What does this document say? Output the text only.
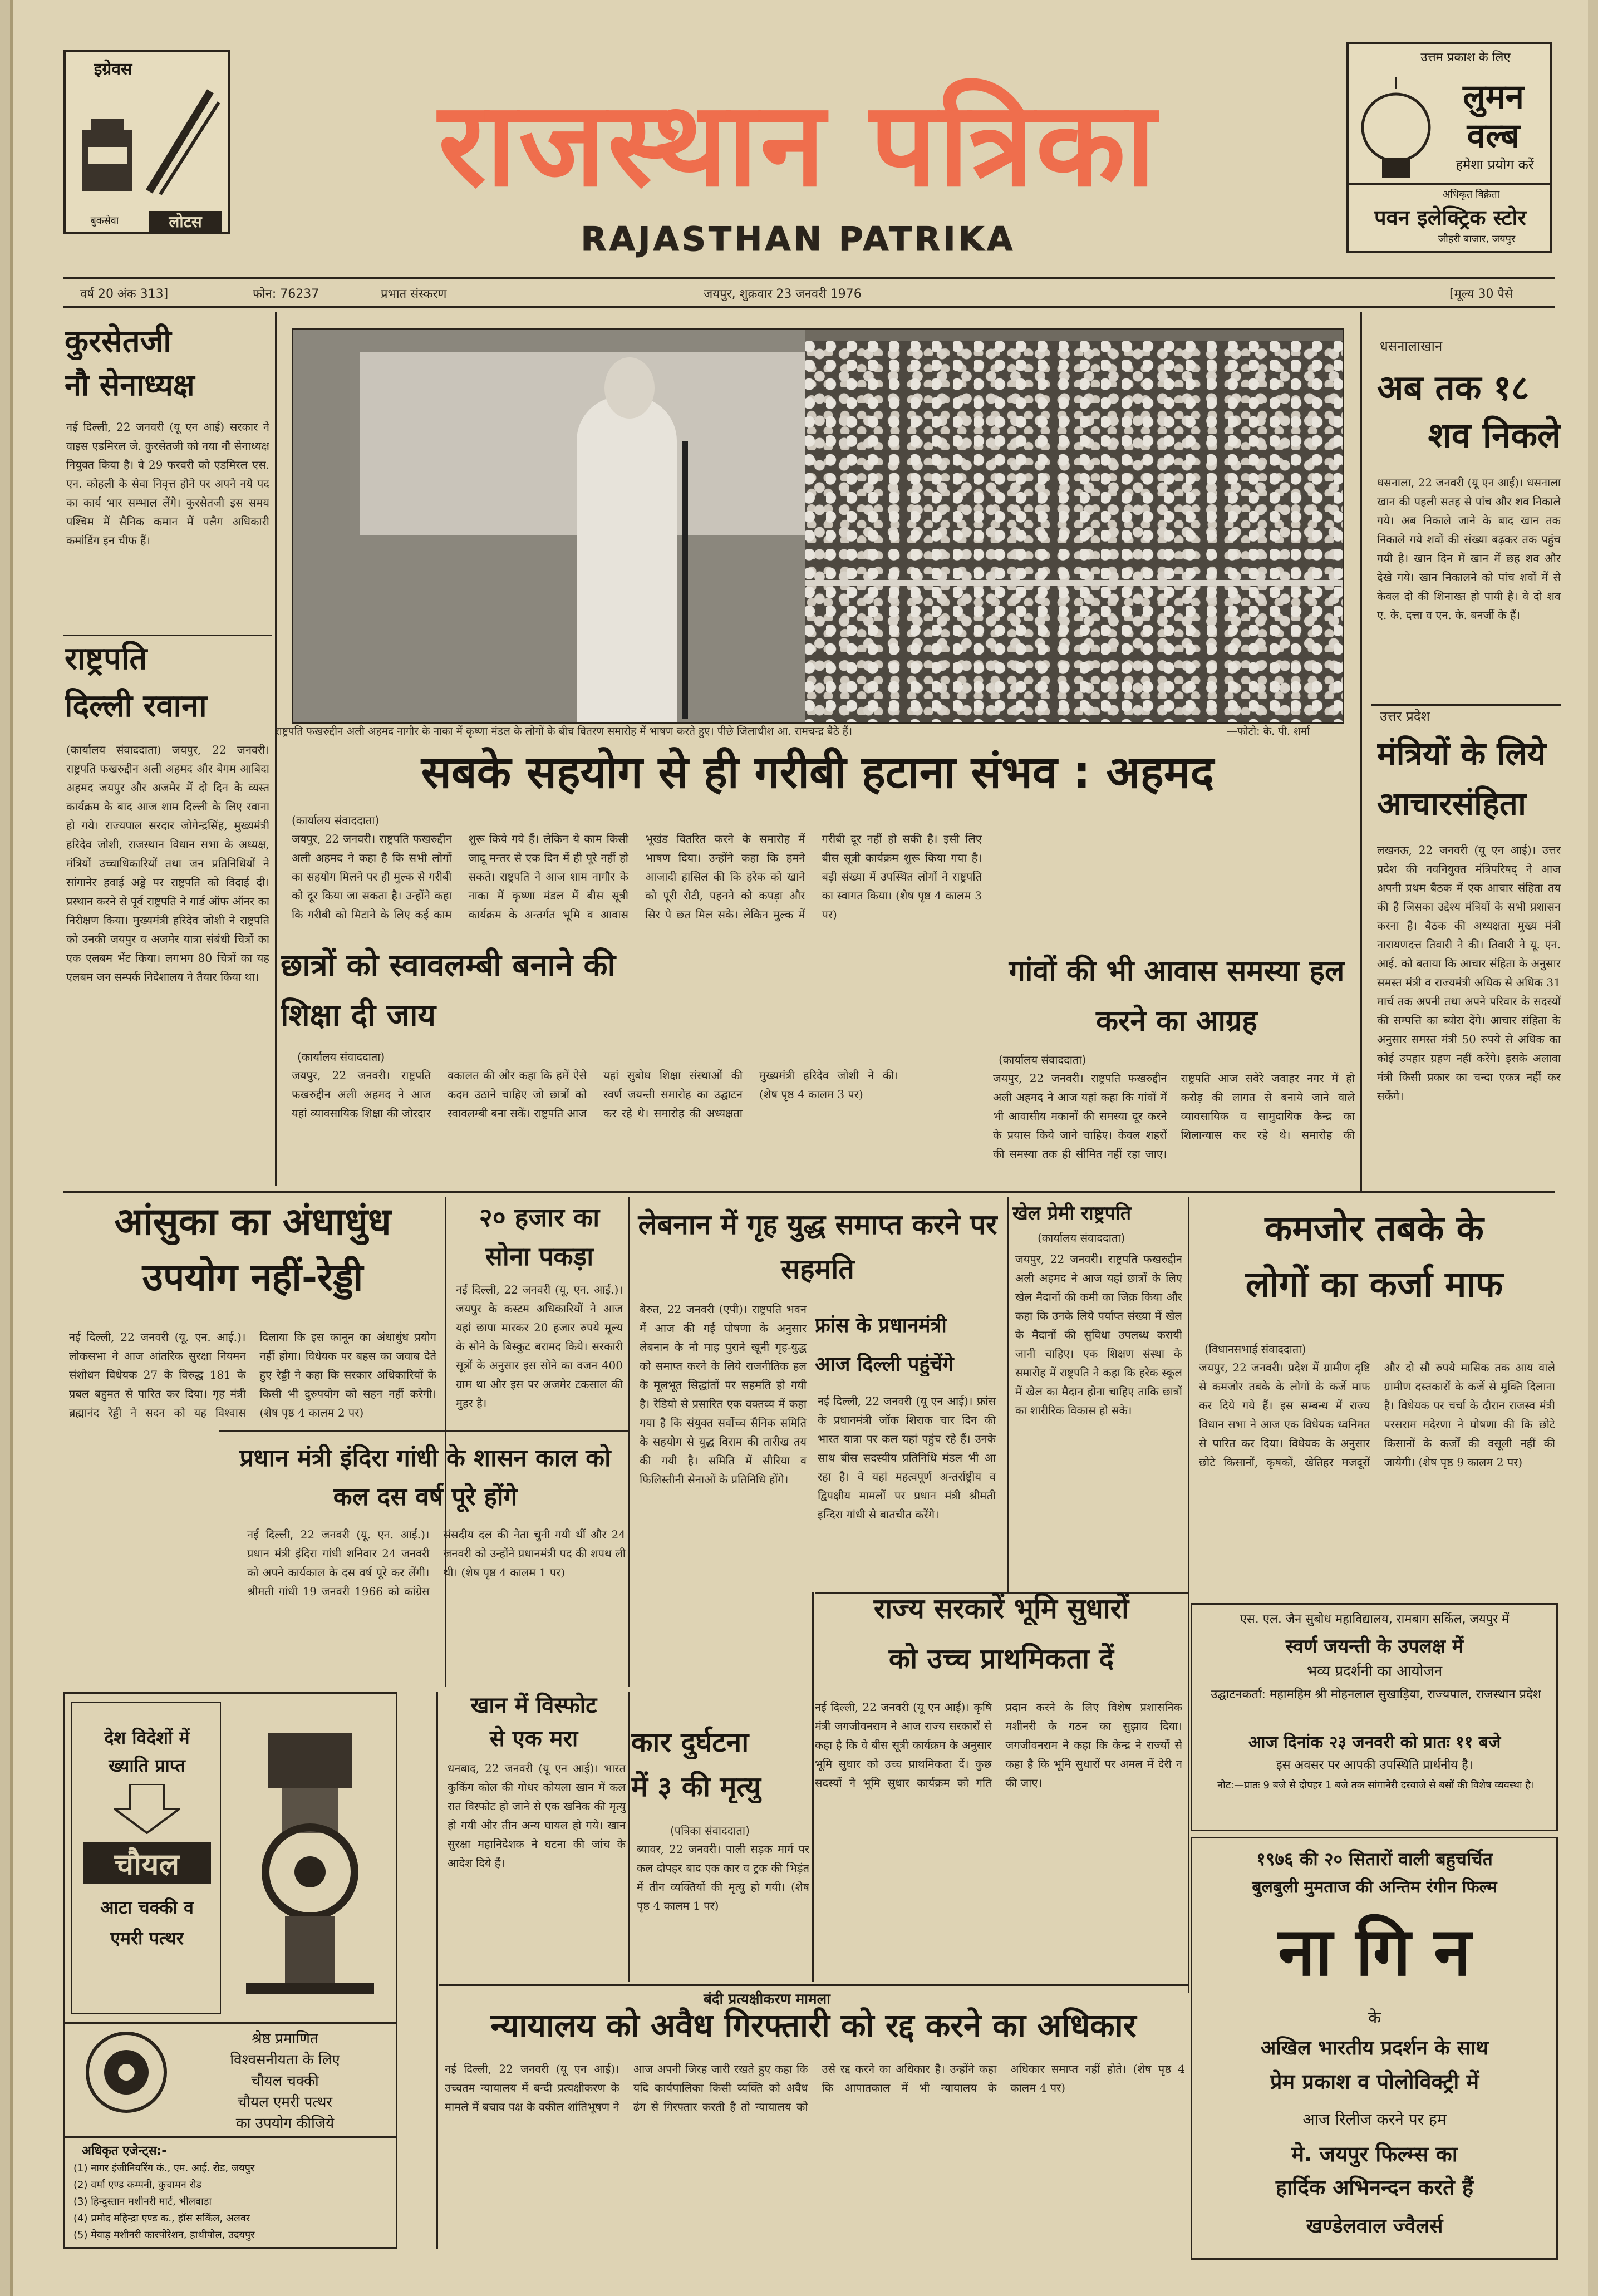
इग्रेवस
बुकसेवा	लोटस
राजस्थान पत्रिका
RAJASTHAN PATRIKA
उत्तम प्रकाश के लिए
लुमन वल्ब
हमेशा प्रयोग करें
अधिकृत विक्रेता
पवन इलेक्ट्रिक स्टोर
जौहरी बाजार, जयपुर
वर्ष 20 अंक 313]	फोन: 76237	प्रभात संस्करण	जयपुर, शुक्रवार 23 जनवरी 1976	[मूल्य 30 पैसे
कुरसेतजी
नौ सेनाध्यक्ष
नई दिल्ली, 22 जनवरी (यू एन आई) सरकार ने वाइस एडमिरल जे. कुरसेतजी को नया नौ सेनाध्यक्ष नियुक्त किया है। वे 29 फरवरी को एडमिरल एस. एन. कोहली के सेवा निवृत्त होने पर अपने नये पद का कार्य भार सम्भाल लेंगे। कुरसेतजी इस समय पश्चिम में सैनिक कमान में पलैग अधिकारी कमांडिंग इन चीफ हैं।
राष्ट्रपति
दिल्ली रवाना
(कार्यालय संवाददाता) जयपुर, 22 जनवरी। राष्ट्रपति फखरुद्दीन अली अहमद और बेगम आबिदा अहमद जयपुर और अजमेर में दो दिन के व्यस्त कार्यक्रम के बाद आज शाम दिल्ली के लिए रवाना हो गये। राज्यपाल सरदार जोगेन्द्रसिंह, मुख्यमंत्री हरिदेव जोशी, राजस्थान विधान सभा के अध्यक्ष, मंत्रियों उच्चाधिकारियों तथा जन प्रतिनिधियों ने सांगानेर हवाई अड्डे पर राष्ट्रपति को विदाई दी। प्रस्थान करने से पूर्व राष्ट्रपति ने गार्ड ऑफ ऑनर का निरीक्षण किया। मुख्यमंत्री हरिदेव जोशी ने राष्ट्रपति को उनकी जयपुर व अजमेर यात्रा संबंधी चित्रों का एक एलबम भेंट किया। लगभग 80 चित्रों का यह एलबम जन सम्पर्क निदेशालय ने तैयार किया था।
धसनालाखान
अब तक १८
शव निकले
धसनाला, 22 जनवरी (यू एन आई)। धसनाला खान की पहली सतह से पांच और शव निकाले गये। अब निकाले जाने के बाद खान तक निकाले गये शवों की संख्या बढ़कर तक पहुंच गयी है। खान दिन में खान में छह शव और देखे गये। खान निकालने को पांच शवों में से केवल दो की शिनाख्त हो पायी है। वे दो शव ए. के. दत्ता व एन. के. बनर्जी के हैं।
उत्तर प्रदेश
मंत्रियों के लिये
आचारसंहिता
लखनऊ, 22 जनवरी (यू एन आई)। उत्तर प्रदेश की नवनियुक्त मंत्रिपरिषद् ने आज अपनी प्रथम बैठक में एक आचार संहिता तय की है जिसका उद्देश्य मंत्रियों के सभी प्रशासन करना है। बैठक की अध्यक्षता मुख्य मंत्री नारायणदत्त तिवारी ने की। तिवारी ने यू. एन. आई. को बताया कि आचार संहिता के अनुसार समस्त मंत्री व राज्यमंत्री अधिक से अधिक 31 मार्च तक अपनी तथा अपने परिवार के सदस्यों की सम्पत्ति का ब्योरा देंगे। आचार संहिता के अनुसार समस्त मंत्री 50 रुपये से अधिक का कोई उपहार ग्रहण नहीं करेंगे। इसके अलावा मंत्री किसी प्रकार का चन्दा एकत्र नहीं कर सकेंगे।
राष्ट्रपति फखरुद्दीन अली अहमद नागौर के नाका में कृष्णा मंडल के लोगों के बीच वितरण समारोह में भाषण करते हुए। पीछे जिलाधीश आ. रामचन्द्र बैठे हैं।	—फोटो: के. पी. शर्मा
सबके सहयोग से ही गरीबी हटाना संभव : अहमद
(कार्यालय संवाददाता)
जयपुर, 22 जनवरी। राष्ट्रपति फखरुद्दीन अली अहमद ने कहा है कि सभी लोगों का सहयोग मिलने पर ही मुल्क से गरीबी को दूर किया जा सकता है। उन्होंने कहा कि गरीबी को मिटाने के लिए कई काम शुरू किये गये हैं। लेकिन ये काम किसी जादू मन्तर से एक दिन में ही पूरे नहीं हो सकते। राष्ट्रपति ने आज शाम नागौर के नाका में कृष्णा मंडल में बीस सूत्री कार्यक्रम के अन्तर्गत भूमि व आवास भूखंड वितरित करने के समारोह में भाषण दिया। उन्होंने कहा कि हमने आजादी हासिल की कि हरेक को खाने को पूरी रोटी, पहनने को कपड़ा और सिर पे छत मिल सके। लेकिन मुल्क में गरीबी दूर नहीं हो सकी है। इसी लिए बीस सूत्री कार्यक्रम शुरू किया गया है। बड़ी संख्या में उपस्थित लोगों ने राष्ट्रपति का स्वागत किया। (शेष पृष्ठ 4 कालम 3 पर)
छात्रों को स्वावलम्बी बनाने की शिक्षा दी जाय
(कार्यालय संवाददाता)
जयपुर, 22 जनवरी। राष्ट्रपति फखरुद्दीन अली अहमद ने आज यहां व्यावसायिक शिक्षा की जोरदार वकालत की और कहा कि हमें ऐसे कदम उठाने चाहिए जो छात्रों को स्वावलम्बी बना सकें। राष्ट्रपति आज यहां सुबोध शिक्षा संस्थाओं की स्वर्ण जयन्ती समारोह का उद्घाटन कर रहे थे। समारोह की अध्यक्षता मुख्यमंत्री हरिदेव जोशी ने की। (शेष पृष्ठ 4 कालम 3 पर)
गांवों की भी आवास समस्या हल करने का आग्रह
(कार्यालय संवाददाता)
जयपुर, 22 जनवरी। राष्ट्रपति फखरुद्दीन अली अहमद ने आज यहां कहा कि गांवों में भी आवासीय मकानों की समस्या दूर करने के प्रयास किये जाने चाहिए। केवल शहरों की समस्या तक ही सीमित नहीं रहा जाए। राष्ट्रपति आज सवेरे जवाहर नगर में हो करोड़ की लागत से बनाये जाने वाले व्यावसायिक व सामुदायिक केन्द्र का शिलान्यास कर रहे थे। समारोह की
आंसुका का अंधाधुंध
उपयोग नहीं-रेड्डी
नई दिल्ली, 22 जनवरी (यू. एन. आई.)। लोकसभा ने आज आंतरिक सुरक्षा नियमन संशोधन विधेयक 27 के विरुद्ध 181 के प्रबल बहुमत से पारित कर दिया। गृह मंत्री ब्रह्मानंद रेड्डी ने सदन को यह विश्वास दिलाया कि इस कानून का अंधाधुंध प्रयोग नहीं होगा। विधेयक पर बहस का जवाब देते हुए रेड्डी ने कहा कि सरकार अधिकारियों के किसी भी दुरुपयोग को सहन नहीं करेगी। (शेष पृष्ठ 4 कालम 2 पर)
२० हजार का
सोना पकड़ा
नई दिल्ली, 22 जनवरी (यू. एन. आई.)। जयपुर के कस्टम अधिकारियों ने आज यहां छापा मारकर 20 हजार रुपये मूल्य के सोने के बिस्कुट बरामद किये। सरकारी सूत्रों के अनुसार इस सोने का वजन 400 ग्राम था और इस पर अजमेर टकसाल की मुहर है।
प्रधान मंत्री इंदिरा गांधी के शासन काल को कल दस वर्ष पूरे होंगे
नई दिल्ली, 22 जनवरी (यू. एन. आई.)। प्रधान मंत्री इंदिरा गांधी शनिवार 24 जनवरी को अपने कार्यकाल के दस वर्ष पूरे कर लेंगी। श्रीमती गांधी 19 जनवरी 1966 को कांग्रेस संसदीय दल की नेता चुनी गयी थीं और 24 जनवरी को उन्होंने प्रधानमंत्री पद की शपथ ली थी। (शेष पृष्ठ 4 कालम 1 पर)
लेबनान में गृह युद्ध समाप्त करने पर सहमति
बेरुत, 22 जनवरी (एपी)। राष्ट्रपति भवन में आज की गई घोषणा के अनुसार लेबनान के नौ माह पुराने खूनी गृह-युद्ध को समाप्त करने के लिये राजनीतिक हल के मूलभूत सिद्धांतों पर सहमति हो गयी है। रेडियो से प्रसारित एक वक्तव्य में कहा गया है कि संयुक्त सर्वोच्च सैनिक समिति के सहयोग से युद्ध विराम की तारीख तय की गयी है। समिति में सीरिया व फिलिस्तीनी सेनाओं के प्रतिनिधि होंगे।
फ्रांस के प्रधानमंत्री
आज दिल्ली पहुंचेंगे
नई दिल्ली, 22 जनवरी (यू एन आई)। फ्रांस के प्रधानमंत्री जॉक शिराक चार दिन की भारत यात्रा पर कल यहां पहुंच रहे हैं। उनके साथ बीस सदस्यीय प्रतिनिधि मंडल भी आ रहा है। वे यहां महत्वपूर्ण अन्तर्राष्ट्रीय व द्विपक्षीय मामलों पर प्रधान मंत्री श्रीमती इन्दिरा गांधी से बातचीत करेंगे।
खेल प्रेमी राष्ट्रपति
(कार्यालय संवाददाता)
जयपुर, 22 जनवरी। राष्ट्रपति फखरुद्दीन अली अहमद ने आज यहां छात्रों के लिए खेल मैदानों की कमी का जिक्र किया और कहा कि उनके लिये पर्याप्त संख्या में खेल के मैदानों की सुविधा उपलब्ध करायी जानी चाहिए। एक शिक्षण संस्था के समारोह में राष्ट्रपति ने कहा कि हरेक स्कूल में खेल का मैदान होना चाहिए ताकि छात्रों का शारीरिक विकास हो सके।
कमजोर तबके के
लोगों का कर्जा माफ
(विधानसभाई संवाददाता)
जयपुर, 22 जनवरी। प्रदेश में ग्रामीण दृष्टि से कमजोर तबके के लोगों के कर्जे माफ कर दिये गये हैं। इस सम्बन्ध में राज्य विधान सभा ने आज एक विधेयक ध्वनिमत से पारित कर दिया। विधेयक के अनुसार छोटे किसानों, कृषकों, खेतिहर मजदूरों और दो सौ रुपये मासिक तक आय वाले ग्रामीण दस्तकारों के कर्जे से मुक्ति दिलाना है। विधेयक पर चर्चा के दौरान राजस्व मंत्री परसराम मदेरणा ने घोषणा की कि छोटे किसानों के कर्जों की वसूली नहीं की जायेगी। (शेष पृष्ठ 9 कालम 2 पर)
राज्य सरकारें भूमि सुधारों
को उच्च प्राथमिकता दें
नई दिल्ली, 22 जनवरी (यू एन आई)। कृषि मंत्री जगजीवनराम ने आज राज्य सरकारों से कहा है कि वे बीस सूत्री कार्यक्रम के अनुसार भूमि सुधार को उच्च प्राथमिकता दें। कुछ सदस्यों ने भूमि सुधार कार्यक्रम को गति प्रदान करने के लिए विशेष प्रशासनिक मशीनरी के गठन का सुझाव दिया। जगजीवनराम ने कहा कि केन्द्र ने राज्यों से कहा है कि भूमि सुधारों पर अमल में देरी न की जाए।
एस. एल. जैन सुबोध महाविद्यालय, रामबाग सर्किल, जयपुर में
स्वर्ण जयन्ती के उपलक्ष में
भव्य प्रदर्शनी का आयोजन
उद्घाटनकर्ता: महामहिम श्री मोहनलाल सुखाड़िया, राज्यपाल, राजस्थान प्रदेश
आज दिनांक २३ जनवरी को प्रातः ११ बजे
इस अवसर पर आपकी उपस्थिति प्रार्थनीय है।
नोट:—प्रातः 9 बजे से दोपहर 1 बजे तक सांगानेरी दरवाजे से बसों की विशेष व्यवस्था है।
१९७६ की २० सितारों वाली बहुचर्चित
बुलबुली मुमताज की अन्तिम रंगीन फिल्म
ना गि न
के
अखिल भारतीय प्रदर्शन के साथ
प्रेम प्रकाश व पोलोविक्ट्री में
आज रिलीज करने पर हम
मे. जयपुर फिल्म्स का
हार्दिक अभिनन्दन करते हैं
खण्डेलवाल ज्वैलर्स
देश विदेशों में
ख्याति प्राप्त
चौयल
आटा चक्की व
एमरी पत्थर
श्रेष्ठ प्रमाणित
विश्वसनीयता के लिए
चौयल चक्की
चौयल एमरी पत्थर
का उपयोग कीजिये
अधिकृत एजेन्ट्स:-
(1) नागर इंजीनियरिंग कं., एम. आई. रोड, जयपुर
(2) वर्मा एण्ड कम्पनी, कुचामन रोड
(3) हिन्दुस्तान मशीनरी मार्ट, भीलवाड़ा
(4) प्रमोद महिन्द्रा एण्ड क., हॉस सर्किल, अलवर
(5) मेवाड़ मशीनरी कारपोरेशन, हाथीपोल, उदयपुर
खान में विस्फोट
से एक मरा
धनबाद, 22 जनवरी (यू एन आई)। भारत कुकिंग कोल की गोधर कोयला खान में कल रात विस्फोट हो जाने से एक खनिक की मृत्यु हो गयी और तीन अन्य घायल हो गये। खान सुरक्षा महानिदेशक ने घटना की जांच के आदेश दिये हैं।
कार दुर्घटना
में ३ की मृत्यु
(पत्रिका संवाददाता)
ब्यावर, 22 जनवरी। पाली सड़क मार्ग पर कल दोपहर बाद एक कार व ट्रक की भिड़ंत में तीन व्यक्तियों की मृत्यु हो गयी। (शेष पृष्ठ 4 कालम 1 पर)
बंदी प्रत्यक्षीकरण मामला
न्यायालय को अवैध गिरफ्तारी को रद्द करने का अधिकार
नई दिल्ली, 22 जनवरी (यू एन आई)। उच्चतम न्यायालय में बन्दी प्रत्यक्षीकरण के मामले में बचाव पक्ष के वकील शांतिभूषण ने आज अपनी जिरह जारी रखते हुए कहा कि यदि कार्यपालिका किसी व्यक्ति को अवैध ढंग से गिरफ्तार करती है तो न्यायालय को उसे रद्द करने का अधिकार है। उन्होंने कहा कि आपातकाल में भी न्यायालय के अधिकार समाप्त नहीं होते। (शेष पृष्ठ 4 कालम 4 पर)
